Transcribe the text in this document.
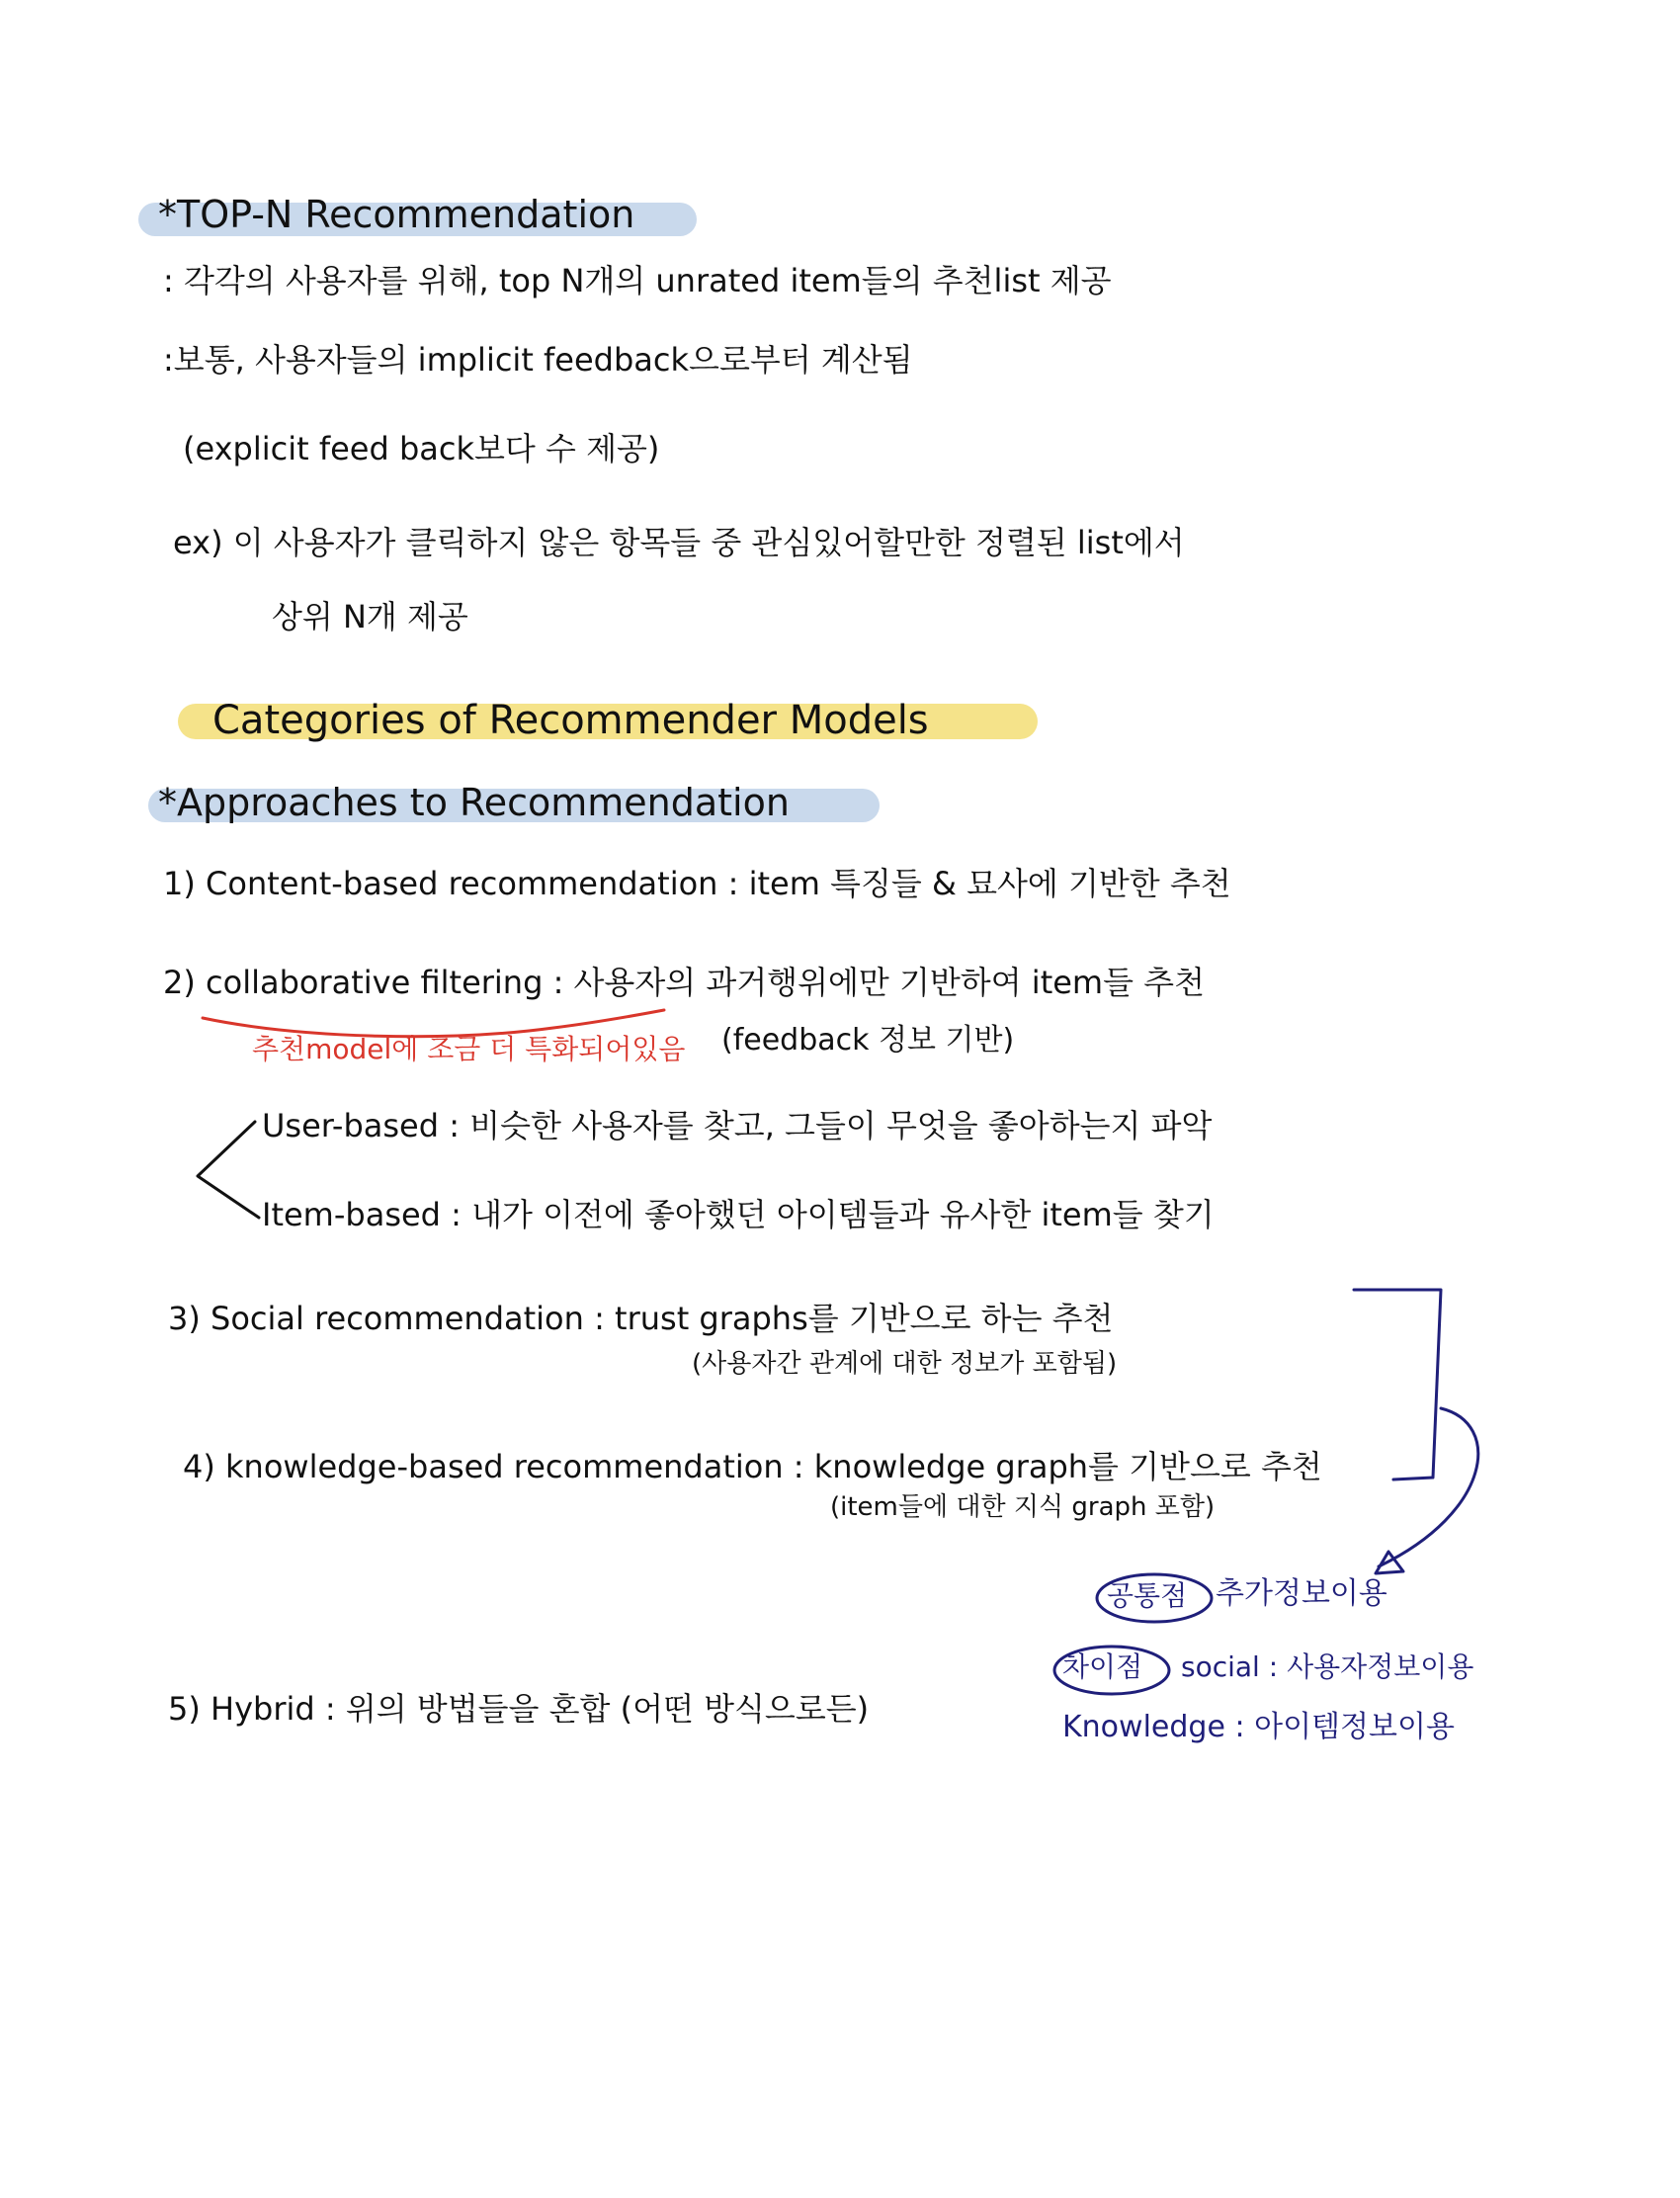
*TOP-N Recommendation
: 각각의 사용자를 위해, top N개의 unrated item들의 추천list 제공
:보통, 사용자들의 implicit feedback으로부터 계산됨
(explicit feed back보다 수 제공)
ex) 이 사용자가 클릭하지 않은 항목들 중 관심있어할만한 정렬된 list에서
상위 N개 제공
Categories of Recommender Models
*Approaches to Recommendation
1) Content-based recommendation : item 특징들 & 묘사에 기반한 추천
2) collaborative filtering : 사용자의 과거행위에만 기반하여 item들 추천
추천model에 조금 더 특화되어있음 (feedback 정보 기반)
User-based : 비슷한 사용자를 찾고, 그들이 무엇을 좋아하는지 파악
Item-based : 내가 이전에 좋아했던 아이템들과 유사한 item들 찾기
3) Social recommendation : trust graphs를 기반으로 하는 추천
(사용자간 관계에 대한 정보가 포함됨)
4) knowledge-based recommendation : knowledge graph를 기반으로 추천
(item들에 대한 지식 graph 포함)
5) Hybrid : 위의 방법들을 혼합 (어떤 방식으로든)
공통점 추가정보이용
차이점 social : 사용자정보이용
Knowledge : 아이템정보이용
